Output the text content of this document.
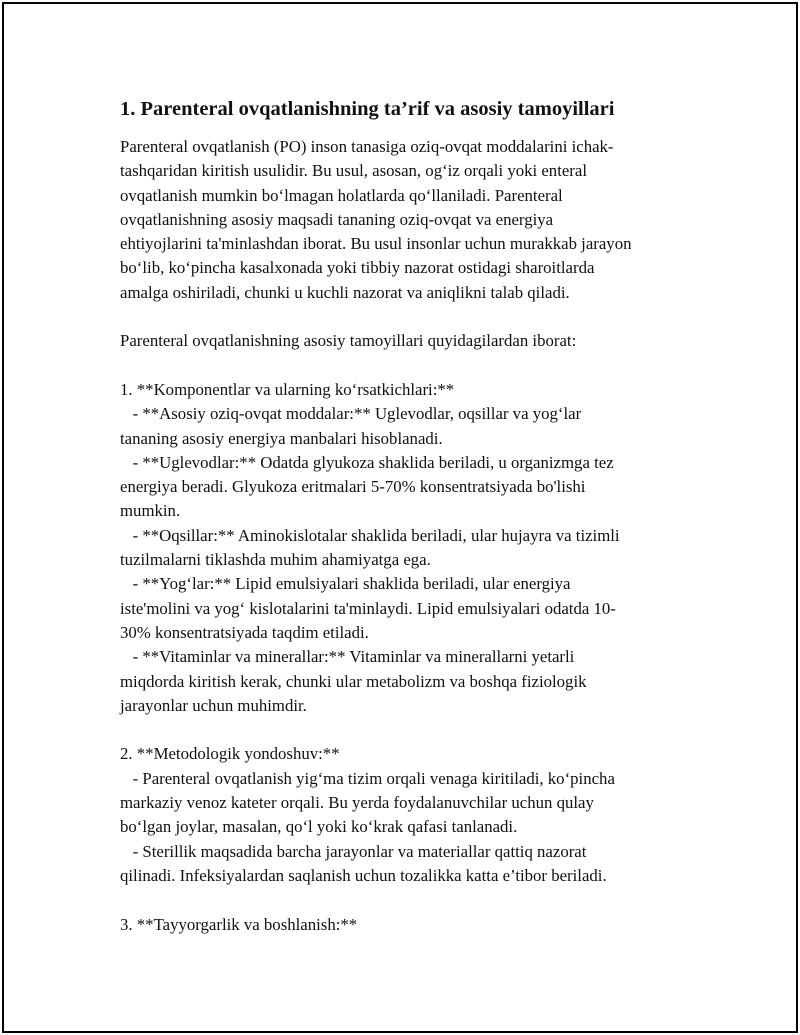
1. Parenteral ovqatlanishning ta’rif va asosiy tamoyillari
Parenteral ovqatlanish (PO) inson tanasiga oziq-ovqat moddalarini ichak-
tashqaridan kiritish usulidir. Bu usul, asosan, og‘iz orqali yoki enteral
ovqatlanish mumkin bo‘lmagan holatlarda qo‘llaniladi. Parenteral
ovqatlanishning asosiy maqsadi tananing oziq-ovqat va energiya
ehtiyojlarini ta'minlashdan iborat. Bu usul insonlar uchun murakkab jarayon
bo‘lib, ko‘pincha kasalxonada yoki tibbiy nazorat ostidagi sharoitlarda
amalga oshiriladi, chunki u kuchli nazorat va aniqlikni talab qiladi.
Parenteral ovqatlanishning asosiy tamoyillari quyidagilardan iborat:
1. **Komponentlar va ularning ko‘rsatkichlari:**
- **Asosiy oziq-ovqat moddalar:** Uglevodlar, oqsillar va yog‘lar
tananing asosiy energiya manbalari hisoblanadi.
- **Uglevodlar:** Odatda glyukoza shaklida beriladi, u organizmga tez
energiya beradi. Glyukoza eritmalari 5-70% konsentratsiyada bo'lishi
mumkin.
- **Oqsillar:** Aminokislotalar shaklida beriladi, ular hujayra va tizimli
tuzilmalarni tiklashda muhim ahamiyatga ega.
- **Yog‘lar:** Lipid emulsiyalari shaklida beriladi, ular energiya
iste'molini va yog‘ kislotalarini ta'minlaydi. Lipid emulsiyalari odatda 10-
30% konsentratsiyada taqdim etiladi.
- **Vitaminlar va minerallar:** Vitaminlar va minerallarni yetarli
miqdorda kiritish kerak, chunki ular metabolizm va boshqa fiziologik
jarayonlar uchun muhimdir.
2. **Metodologik yondoshuv:**
- Parenteral ovqatlanish yig‘ma tizim orqali venaga kiritiladi, ko‘pincha
markaziy venoz kateter orqali. Bu yerda foydalanuvchilar uchun qulay
bo‘lgan joylar, masalan, qo‘l yoki ko‘krak qafasi tanlanadi.
- Sterillik maqsadida barcha jarayonlar va materiallar qattiq nazorat
qilinadi. Infeksiyalardan saqlanish uchun tozalikka katta e’tibor beriladi.
3. **Tayyorgarlik va boshlanish:**
